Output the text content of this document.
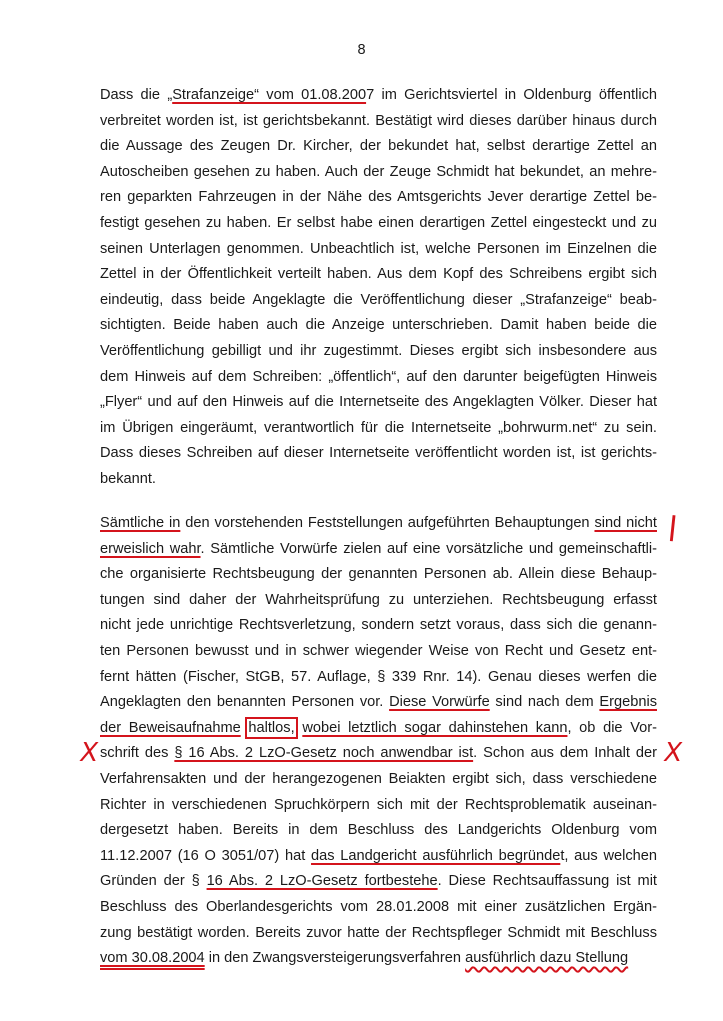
8
Dass die „Strafanzeige“ vom 01.08.2007 im Gerichtsviertel in Oldenburg öffentlich
verbreitet worden ist, ist gerichtsbekannt. Bestätigt wird dieses darüber hinaus durch
die Aussage des Zeugen Dr. Kircher, der bekundet hat, selbst derartige Zettel an
Autoscheiben gesehen zu haben. Auch der Zeuge Schmidt hat bekundet, an mehre-
ren geparkten Fahrzeugen in der Nähe des Amtsgerichts Jever derartige Zettel be-
festigt gesehen zu haben. Er selbst habe einen derartigen Zettel eingesteckt und zu
seinen Unterlagen genommen. Unbeachtlich ist, welche Personen im Einzelnen die
Zettel in der Öffentlichkeit verteilt haben. Aus dem Kopf des Schreibens ergibt sich
eindeutig, dass beide Angeklagte die Veröffentlichung dieser „Strafanzeige“ beab-
sichtigten. Beide haben auch die Anzeige unterschrieben. Damit haben beide die
Veröffentlichung gebilligt und ihr zugestimmt. Dieses ergibt sich insbesondere aus
dem Hinweis auf dem Schreiben: „öffentlich“, auf den darunter beigefügten Hinweis
„Flyer“ und auf den Hinweis auf die Internetseite des Angeklagten Völker. Dieser hat
im Übrigen eingeräumt, verantwortlich für die Internetseite „bohrwurm.net“ zu sein.
Dass dieses Schreiben auf dieser Internetseite veröffentlicht worden ist, ist gerichts-
bekannt.
Sämtliche in den vorstehenden Feststellungen aufgeführten Behauptungen sind nicht
erweislich wahr. Sämtliche Vorwürfe zielen auf eine vorsätzliche und gemeinschaftli-
che organisierte Rechtsbeugung der genannten Personen ab. Allein diese Behaup-
tungen sind daher der Wahrheitsprüfung zu unterziehen. Rechtsbeugung erfasst
nicht jede unrichtige Rechtsverletzung, sondern setzt voraus, dass sich die genann-
ten Personen bewusst und in schwer wiegender Weise von Recht und Gesetz ent-
fernt hätten (Fischer, StGB, 57. Auflage, § 339 Rnr. 14). Genau dieses werfen die
Angeklagten den benannten Personen vor. Diese Vorwürfe sind nach dem Ergebnis
der Beweisaufnahme haltlos, wobei letztlich sogar dahinstehen kann, ob die Vor-
schrift des § 16 Abs. 2 LzO-Gesetz noch anwendbar ist. Schon aus dem Inhalt der
Verfahrensakten und der herangezogenen Beiakten ergibt sich, dass verschiedene
Richter in verschiedenen Spruchkörpern sich mit der Rechtsproblematik auseinan-
dergesetzt haben. Bereits in dem Beschluss des Landgerichts Oldenburg vom
11.12.2007 (16 O 3051/07) hat das Landgericht ausführlich begründet, aus welchen
Gründen der § 16 Abs. 2 LzO-Gesetz fortbestehe. Diese Rechtsauffassung ist mit
Beschluss des Oberlandesgerichts vom 28.01.2008 mit einer zusätzlichen Ergän-
zung bestätigt worden. Bereits zuvor hatte der Rechtspfleger Schmidt mit Beschluss
vom 30.08.2004 in den Zwangsversteigerungsverfahren ausführlich dazu Stellung
|
X	X
